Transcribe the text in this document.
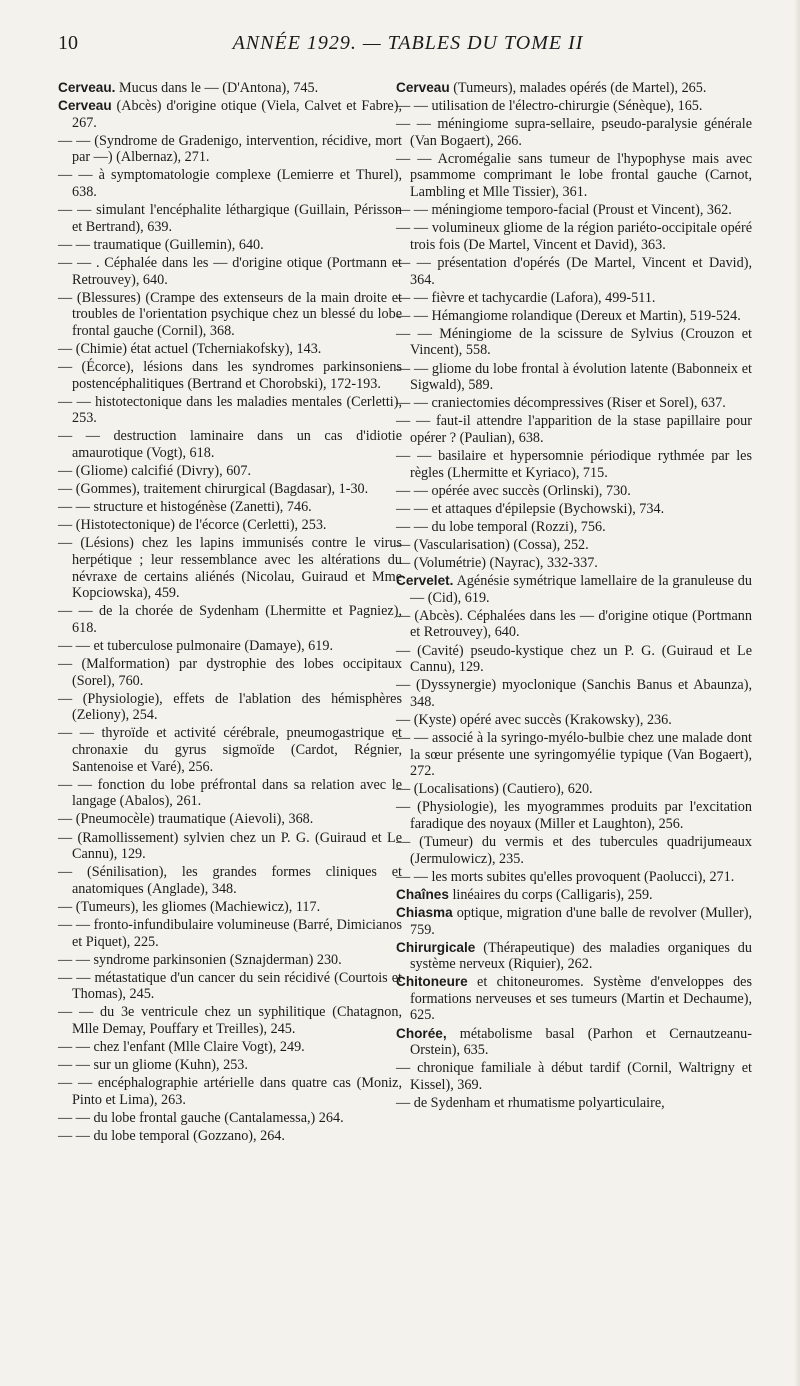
10	ANNÉE 1929. — TABLES DU TOME II

Cerveau. Mucus dans le — (D'Antona), 745.

Cerveau (Abcès) d'origine otique (Viela, Calvet et Fabre), 267.

— — (Syndrome de Gradenigo, intervention, récidive, mort par —) (Albernaz), 271.

— — à symptomatologie complexe (Lemierre et Thurel), 638.

— — simulant l'encéphalite léthargique (Guillain, Périsson et Bertrand), 639.

— — traumatique (Guillemin), 640.

— — . Céphalée dans les — d'origine otique (Portmann et Retrouvey), 640.

— (Blessures) (Crampe des extenseurs de la main droite et troubles de l'orientation psychique chez un blessé du lobe frontal gauche (Cornil), 368.

— (Chimie) état actuel (Tchernіakofsky), 143.

— (Écorce), lésions dans les syndromes parkinsoniens postencéphalitiques (Bertrand et Chorobski), 172-193.

— — histotectonique dans les maladies mentales (Cerletti), 253.

— — destruction laminaire dans un cas d'idiotie amaurotique (Vogt), 618.

— (Gliome) calcifié (Divry), 607.

— (Gommes), traitement chirurgical (Bagdasar), 1-30.

— — structure et histogénèse (Zanetti), 746.

— (Histotectonique) de l'écorce (Cerletti), 253.

— (Lésions) chez les lapins immunisés contre le virus herpétique ; leur ressemblance avec les altérations du névraxe de certains aliénés (Nicolau, Guiraud et Mme Kopciowska), 459.

— — de la chorée de Sydenham (Lhermitte et Pagniez), 618.

— — et tuberculose pulmonaire (Damaye), 619.

— (Malformation) par dystrophie des lobes occipitaux (Sorel), 760.

— (Physiologie), effets de l'ablation des hémisphères (Zeliony), 254.

— — thyroïde et activité cérébrale, pneumogastrique et chronaxie du gyrus sigmoïde (Cardot, Régnier, Santenoise et Varé), 256.

— — fonction du lobe préfrontal dans sa relation avec le langage (Abalos), 261.

— (Pneumocèle) traumatique (Aievoli), 368.

— (Ramollissement) sylvien chez un P. G. (Guiraud et Le Cannu), 129.

— (Sénilisation), les grandes formes cliniques et anatomiques (Anglade), 348.

— (Tumeurs), les gliomes (Machiewicz), 117.

— — fronto-infundibulaire volumineuse (Barré, Dimicianos et Piquet), 225.

— — syndrome parkinsonien (Sznajderman) 230.

— — métastatique d'un cancer du sein récidivé (Courtois et Thomas), 245.

— — du 3e ventricule chez un syphilitique (Chatagnon, Mlle Demay, Pouffary et Treilles), 245.

— — chez l'enfant (Mlle Claire Vogt), 249.

— — sur un gliome (Kuhn), 253.

— — encéphalographie artérielle dans quatre cas (Moniz, Pinto et Lima), 263.

— — du lobe frontal gauche (Cantalamessa,) 264.

— — du lobe temporal (Gozzano), 264.

Cerveau (Tumeurs), malades opérés (de Martel), 265.

— — utilisation de l'électro-chirurgie (Sénèque), 165.

— — méningiome supra-sellaire, pseudo-paralysie générale (Van Bogaert), 266.

— — Acromégalie sans tumeur de l'hypophyse mais avec psammome comprimant le lobe frontal gauche (Carnot, Lambling et Mlle Tissier), 361.

— — méningiome temporo-facial (Proust et Vincent), 362.

— — volumineux gliome de la région pariéto-occipitale opéré trois fois (De Martel, Vincent et David), 363.

— — présentation d'opérés (De Martel, Vincent et David), 364.

— — fièvre et tachycardie (Lafora), 499-511.

— — Hémangiome rolandique (Dereux et Martin), 519-524.

— — Méningiome de la scissure de Sylvius (Crouzon et Vincent), 558.

— — gliome du lobe frontal à évolution latente (Babonneix et Sigwald), 589.

— — craniectomies décompressives (Riser et Sorel), 637.

— — faut-il attendre l'apparition de la stase papillaire pour opérer ? (Paulian), 638.

— — basilaire et hypersomnie périodique rythmée par les règles (Lhermitte et Kyriaco), 715.

— — opérée avec succès (Orlinski), 730.

— — et attaques d'épilepsie (Bychowski), 734.

— — du lobe temporal (Rozzi), 756.

— (Vascularisation) (Cossa), 252.

— (Volumétrie) (Nayrac), 332-337.

Cervelet. Agénésie symétrique lamellaire de la granuleuse du — (Cid), 619.

— (Abcès). Céphalées dans les — d'origine otique (Portmann et Retrouvey), 640.

— (Cavité) pseudo-kystique chez un P. G. (Guiraud et Le Cannu), 129.

— (Dyssynergie) myoclonique (Sanchis Banus et Abaunza), 348.

— (Kyste) opéré avec succès (Krakowsky), 236.

— — associé à la syringo-myélo-bulbie chez une malade dont la sœur présente une syringomyélie typique (Van Bogaert), 272.

— (Localisations) (Cautiero), 620.

— (Physiologie), les myogrammes produits par l'excitation faradique des noyaux (Miller et Laughton), 256.

— (Tumeur) du vermis et des tubercules quadrijumeaux (Jermulowicz), 235.

— — les morts subites qu'elles provoquent (Paolucci), 271.

Chaînes linéaires du corps (Calligaris), 259.

Chiasma optique, migration d'une balle de revolver (Muller), 759.

Chirurgicale (Thérapeutique) des maladies organiques du système nerveux (Riquier), 262.

Chitoneure et chitoneuromes. Système d'enveloppes des formations nerveuses et ses tumeurs (Martin et Dechaume), 625.

Chorée, métabolisme basal (Parhon et Cernautzeanu-Orstein), 635.

— chronique familiale à début tardif (Cornil, Waltrigny et Kissel), 369.

— de Sydenham et rhumatisme polyarticulaire,
